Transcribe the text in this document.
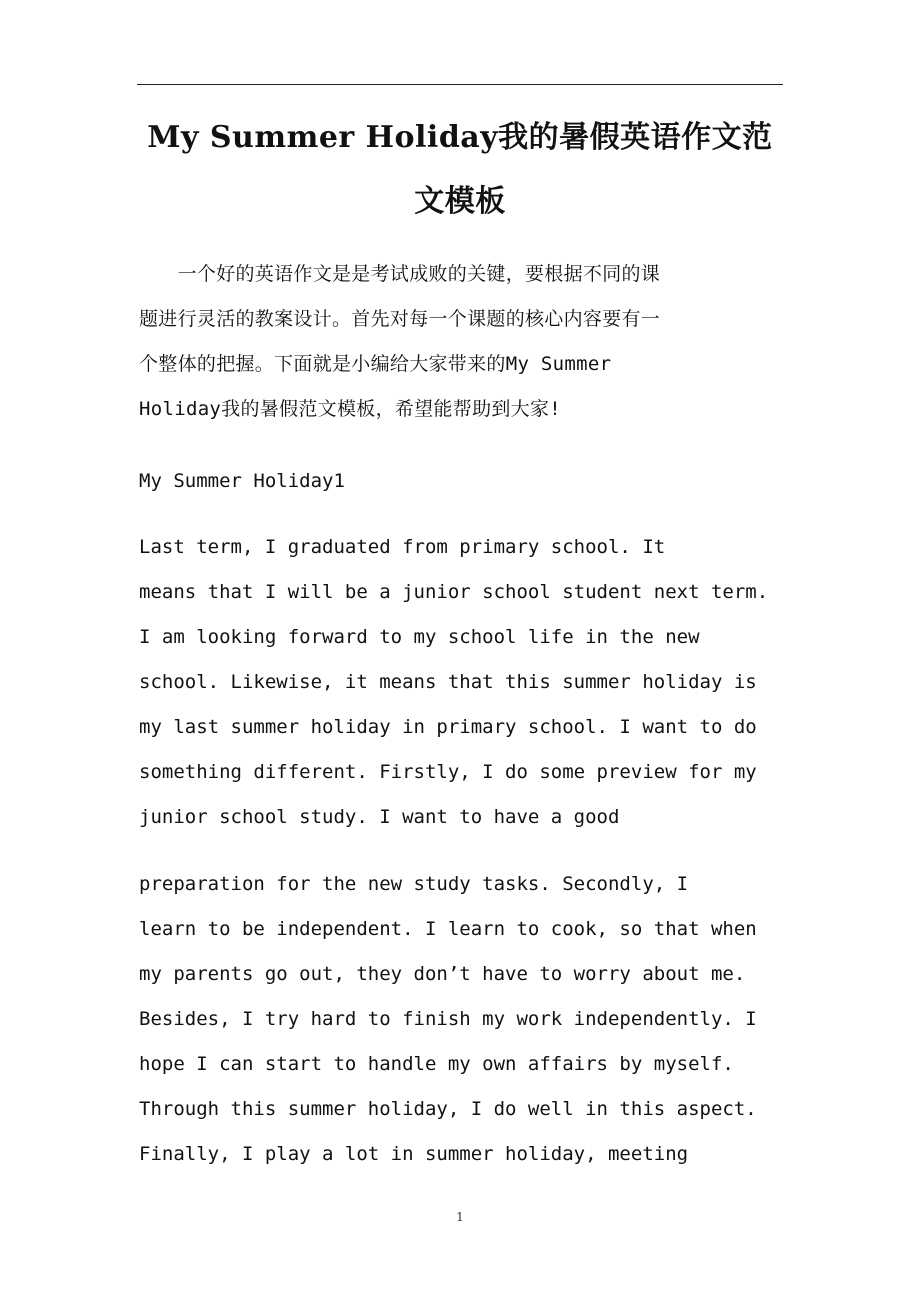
My Summer Holiday我的暑假英语作文范文模板

　　一个好的英语作文是是考试成败的关键，要根据不同的课
题进行灵活的教案设计。首先对每一个课题的核心内容要有一
个整体的把握。下面就是小编给大家带来的My Summer
Holiday我的暑假范文模板，希望能帮助到大家!

My Summer Holiday1

Last term, I graduated from primary school. It
means that I will be a junior school student next term.
I am looking forward to my school life in the new
school. Likewise, it means that this summer holiday is
my last summer holiday in primary school. I want to do
something different. Firstly, I do some preview for my
junior school study. I want to have a good

preparation for the new study tasks. Secondly, I
learn to be independent. I learn to cook, so that when
my parents go out, they don’t have to worry about me.
Besides, I try hard to finish my work independently. I
hope I can start to handle my own affairs by myself.
Through this summer holiday, I do well in this aspect.
Finally, I play a lot in summer holiday, meeting

1
